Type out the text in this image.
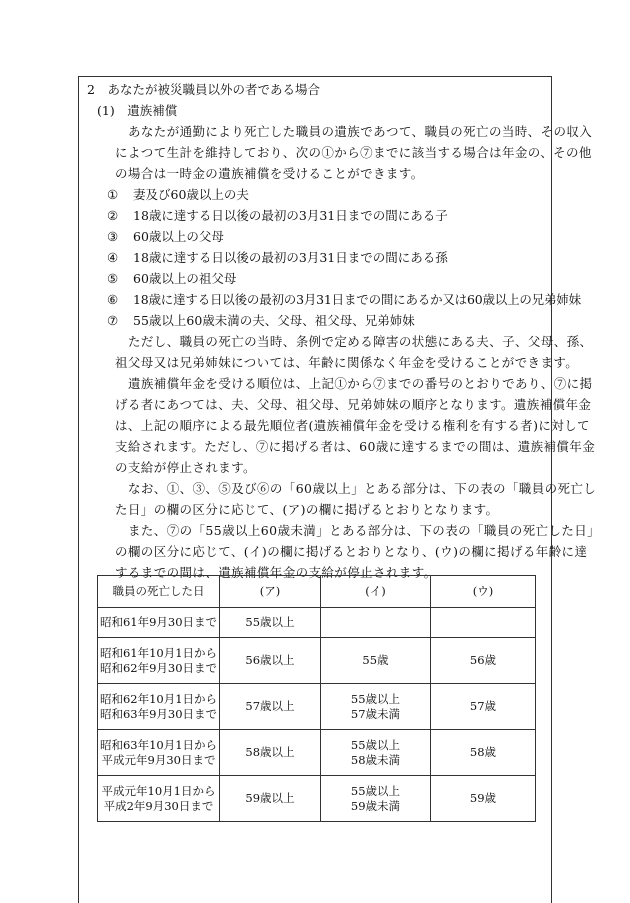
2　あなたが被災職員以外の者である場合
(1)　遺族補償
あなたが通勤により死亡した職員の遺族であつて、職員の死亡の当時、その収入
によつて生計を維持しており、次の①から⑦までに該当する場合は年金の、その他
の場合は一時金の遺族補償を受けることができます。
① 妻及び60歳以上の夫
② 18歳に達する日以後の最初の3月31日までの間にある子
③ 60歳以上の父母
④ 18歳に達する日以後の最初の3月31日までの間にある孫
⑤ 60歳以上の祖父母
⑥ 18歳に達する日以後の最初の3月31日までの間にあるか又は60歳以上の兄弟姉妹
⑦ 55歳以上60歳未満の夫、父母、祖父母、兄弟姉妹
ただし、職員の死亡の当時、条例で定める障害の状態にある夫、子、父母、孫、
祖父母又は兄弟姉妹については、年齢に関係なく年金を受けることができます。
遺族補償年金を受ける順位は、上記①から⑦までの番号のとおりであり、⑦に掲
げる者にあつては、夫、父母、祖父母、兄弟姉妹の順序となります。遺族補償年金
は、上記の順序による最先順位者(遺族補償年金を受ける権利を有する者)に対して
支給されます。ただし、⑦に掲げる者は、60歳に達するまでの間は、遺族補償年金
の支給が停止されます。
なお、①、③、⑤及び⑥の「60歳以上」とある部分は、下の表の「職員の死亡し
た日」の欄の区分に応じて、(ア)の欄に掲げるとおりとなります。
また、⑦の「55歳以上60歳未満」とある部分は、下の表の「職員の死亡した日」
の欄の区分に応じて、(イ)の欄に掲げるとおりとなり、(ウ)の欄に掲げる年齢に達
するまでの間は、遺族補償年金の支給が停止されます。
職員の死亡した日	(ア)	(イ)	(ウ)

昭和61年9月30日まで	55歳以上		

昭和61年10月1日から
昭和62年9月30日まで	56歳以上	55歳	56歳

昭和62年10月1日から
昭和63年9月30日まで	57歳以上	55歳以上
57歳未満	57歳

昭和63年10月1日から
平成元年9月30日まで	58歳以上	55歳以上
58歳未満	58歳

平成元年10月1日から
平成2年9月30日まで	59歳以上	55歳以上
59歳未満	59歳
